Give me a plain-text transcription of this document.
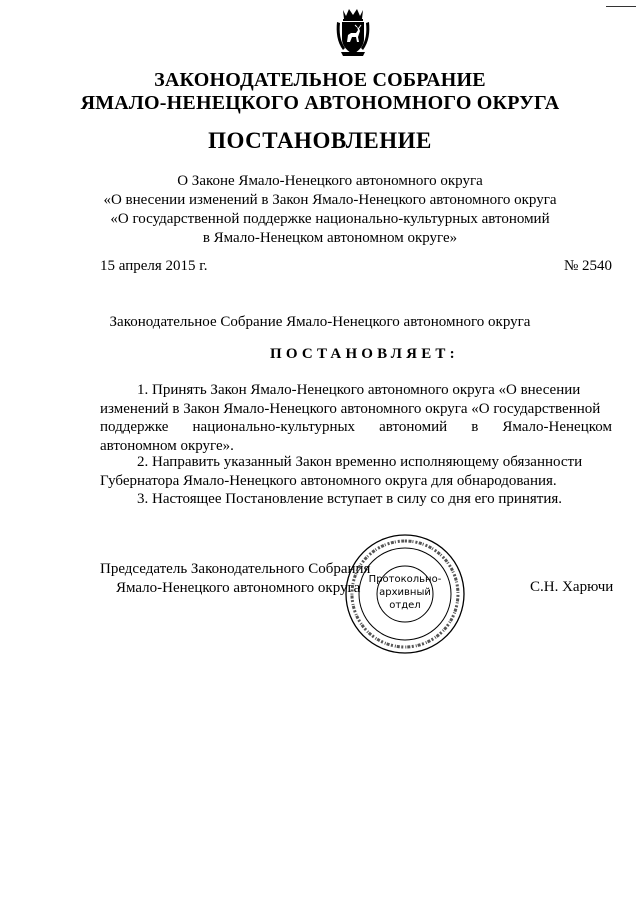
ЗАКОНОДАТЕЛЬНОЕ СОБРАНИЕ
ЯМАЛО-НЕНЕЦКОГО АВТОНОМНОГО ОКРУГА
ПОСТАНОВЛЕНИЕ
О Законе Ямало-Ненецкого автономного округа
«О внесении изменений в Закон Ямало-Ненецкого автономного округа
«О государственной поддержке национально-культурных автономий
в Ямало-Ненецком автономном округе»
15 апреля 2015 г.	№ 2540
Законодательное Собрание Ямало-Ненецкого автономного округа
ПОСТАНОВЛЯЕТ:
1. Принять Закон Ямало-Ненецкого автономного округа «О внесении
изменений в Закон Ямало-Ненецкого автономного округа «О государственной
поддержке национально-культурных автономий в Ямало-Ненецком
автономном округе».
2. Направить указанный Закон временно исполняющему обязанности
Губернатора Ямало-Ненецкого автономного округа для обнародования.
3. Настоящее Постановление вступает в силу со дня его принятия.
Председатель Законодательного Собрания
Ямало-Ненецкого автономного округа	С.Н. Харючи
Протокольно-
архивный
отдел
